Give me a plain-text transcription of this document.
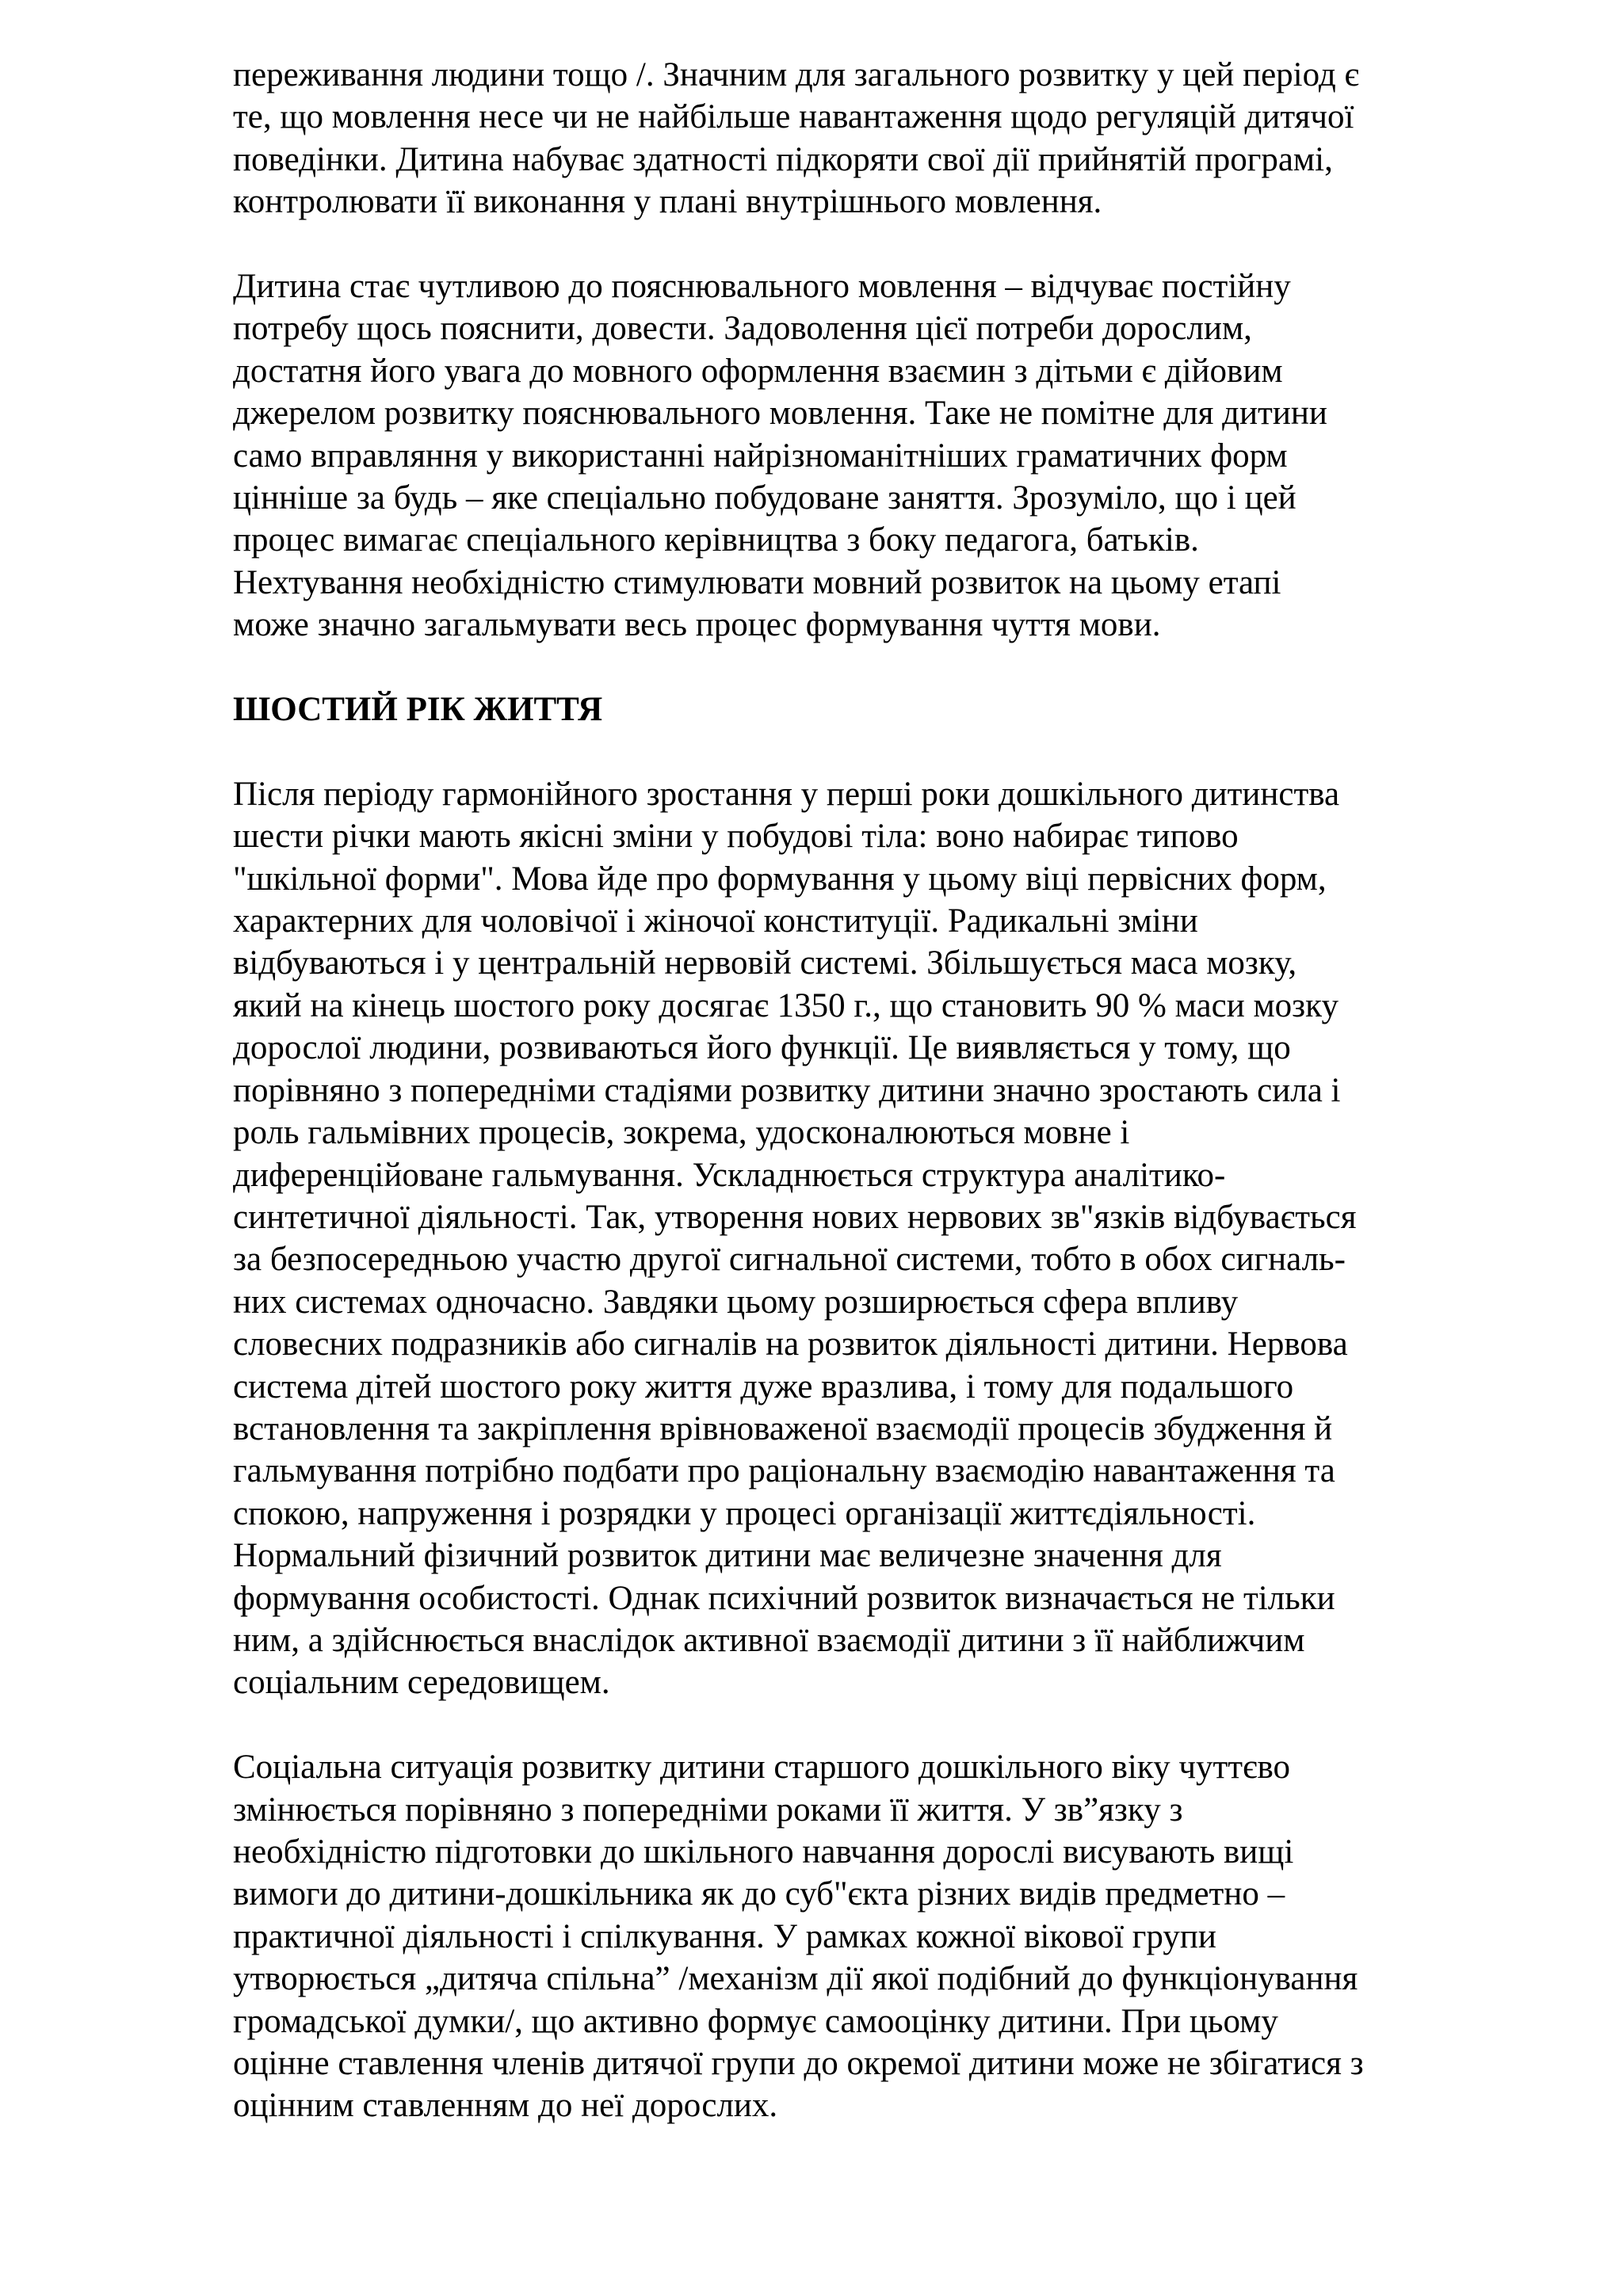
переживання людини тощо /. Значним для загального розвитку у цей період є
те, що мовлення несе чи не найбільше навантаження щодо регуляцій дитячої
поведінки. Дитина набуває здатності підкоряти свої дії прийнятій програмі,
контролювати її виконання у плані внутрішнього мовлення.
Дитина стає чутливою до пояснювального мовлення – відчуває постійну
потребу щось пояснити, довести. Задоволення цієї потреби дорослим,
достатня його увага до мовного оформлення взаємин з дітьми є дійовим
джерелом розвитку пояснювального мовлення. Таке не помітне для дитини
само вправляння у використанні найрізноманітніших граматичних форм
цінніше за будь – яке спеціально побудоване заняття. Зрозуміло, що і цей
процес вимагає спеціального керівництва з боку педагога, батьків.
Нехтування необхідністю стимулювати мовний розвиток на цьому етапі
може значно загальмувати весь процес формування чуття мови.
ШОСТИЙ РІК ЖИТТЯ
Після періоду гармонійного зростання у перші роки дошкільного дитинства
шести річки мають якісні зміни у побудові тіла: воно набирає типово
"шкільної форми". Мова йде про формування у цьому віці первісних форм,
характерних для чоловічої і жіночої конституції. Радикальні зміни
відбуваються і у центральній нервовій системі. Збільшується маса мозку,
який на кінець шостого року досягає 1350 г., що становить 90 % маси мозку
дорослої людини, розвиваються його функції. Це виявляється у тому, що
порівняно з попередніми стадіями розвитку дитини значно зростають сила і
роль гальмівних процесів, зокрема, удосконалюються мовне і
диференційоване гальмування. Ускладнюється структура аналітико-
синтетичної діяльності. Так, утворення нових нервових зв"язків відбувається
за безпосередньою участю другої сигнальної системи, тобто в обох сигналь-
них системах одночасно. Завдяки цьому розширюється сфера впливу
словесних подразників або сигналів на розвиток діяльності дитини. Нервова
система дітей шостого року життя дуже вразлива, і тому для подальшого
встановлення та закріплення врівноваженої взаємодії процесів збудження й
гальмування потрібно подбати про раціональну взаємодію навантаження та
спокою, напруження і розрядки у процесі організації життєдіяльності.
Нормальний фізичний розвиток дитини має величезне значення для
формування особистості. Однак психічний розвиток визначається не тільки
ним, а здійснюється внаслідок активної взаємодії дитини з її найближчим
соціальним середовищем.
Соціальна ситуація розвитку дитини старшого дошкільного віку чуттєво
змінюється порівняно з попередніми роками її життя. У зв”язку з
необхідністю підготовки до шкільного навчання дорослі висувають вищі
вимоги до дитини-дошкільника як до суб"єкта різних видів предметно –
практичної діяльності і спілкування. У рамках кожної вікової групи
утворюється „дитяча спільна” /механізм дії якої подібний до функціонування
громадської думки/, що активно формує самооцінку дитини. При цьому
оцінне ставлення членів дитячої групи до окремої дитини може не збігатися з
оцінним ставленням до неї дорослих.
